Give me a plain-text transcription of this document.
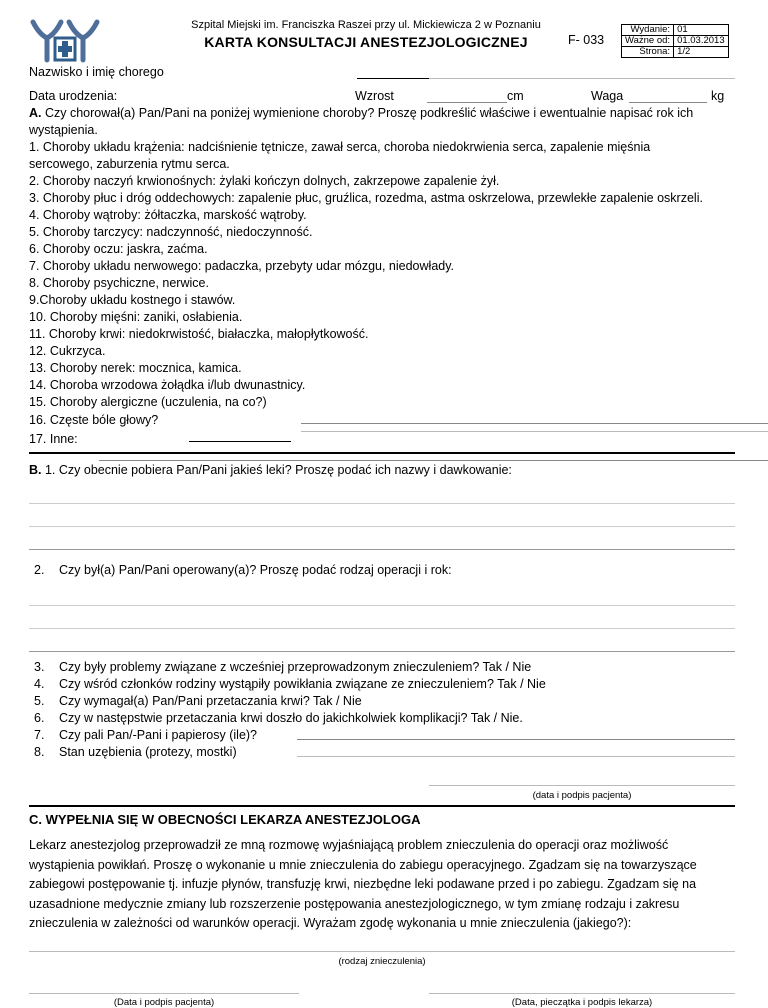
Szpital Miejski im. Franciszka Raszei przy ul. Mickiewicza 2 w Poznaniu
KARTA KONSULTACJI ANESTEZJOLOGICZNEJ	F- 033
Wydanie:	01
Ważne od:	01.03.2013
Strona:	1/2
Nazwisko i imię chorego
Data urodzenia:	Wzrost	cm	Waga	kg

A. Czy chorował(a) Pan/Pani na poniżej wymienione choroby? Proszę podkreślić właściwe i ewentualnie napisać rok ich wystąpienia.

1. Choroby układu krążenia: nadciśnienie tętnicze, zawał serca, choroba niedokrwienia serca, zapalenie mięśnia
sercowego, zaburzenia rytmu serca.
2. Choroby naczyń krwionośnych: żylaki kończyn dolnych, zakrzepowe zapalenie żył.
3. Choroby płuc i dróg oddechowych: zapalenie płuc, gruźlica, rozedma, astma oskrzelowa, przewlekłe zapalenie oskrzeli.
4. Choroby wątroby: żółtaczka, marskość wątroby.
5. Choroby tarczycy: nadczynność, niedoczynność.
6. Choroby oczu: jaskra, zaćma.
7. Choroby układu nerwowego: padaczka, przebyty udar mózgu, niedowłady.
8. Choroby psychiczne, nerwice.
9.Choroby układu kostnego i stawów.
10. Choroby mięśni: zaniki, osłabienia.
11. Choroby krwi: niedokrwistość, białaczka, małopłytkowość.
12. Cukrzyca.
13. Choroby nerek: mocznica, kamica.
14. Choroba wrzodowa żołądka i/lub dwunastnicy.
15. Choroby alergiczne (uczulenia, na co?)
16. Częste bóle głowy?
17. Inne:
B. 1. Czy obecnie pobiera Pan/Pani jakieś leki? Proszę podać ich nazwy i dawkowanie:
2. Czy był(a) Pan/Pani operowany(a)? Proszę podać rodzaj operacji i rok:
3. Czy były problemy związane z wcześniej przeprowadzonym znieczuleniem? Tak / Nie
4. Czy wśród członków rodziny wystąpiły powikłania związane ze znieczuleniem? Tak / Nie
5. Czy wymagał(a) Pan/Pani przetaczania krwi? Tak / Nie
6. Czy w następstwie przetaczania krwi doszło do jakichkolwiek komplikacji? Tak / Nie.
7. Czy pali Pan/-Pani i papierosy (ile)?
8. Stan uzębienia (protezy, mostki)
(data i podpis pacjenta)
C. WYPEŁNIA SIĘ W OBECNOŚCI LEKARZA ANESTEZJOLOGA
Lekarz anestezjolog przeprowadził ze mną rozmowę wyjaśniającą problem znieczulenia do operacji oraz możliwość
wystąpienia powikłań. Proszę o wykonanie u mnie znieczulenia do zabiegu operacyjnego. Zgadzam się na towarzyszące
zabiegowi postępowanie tj. infuzje płynów, transfuzję krwi, niezbędne leki podawane przed i po zabiegu. Zgadzam się na
uzasadnione medycznie zmiany lub rozszerzenie postępowania anestezjologicznego, w tym zmianę rodzaju i zakresu
znieczulenia w zależności od warunków operacji. Wyrażam zgodę wykonania u mnie znieczulenia (jakiego?):
(rodzaj znieczulenia)
(Data i podpis pacjenta)	(Data, pieczątka i podpis lekarza)
